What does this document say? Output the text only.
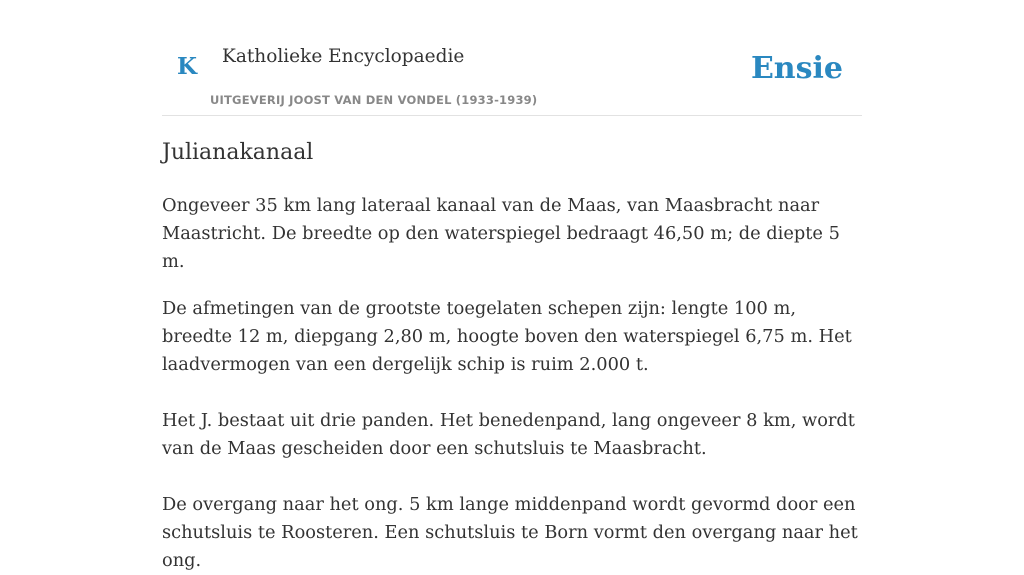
K Katholieke Encyclopaedie
UITGEVERIJ JOOST VAN DEN VONDEL (1933-1939)
Ensie
Julianakanaal

Ongeveer 35 km lang lateraal kanaal van de Maas, van Maasbracht naar Maastricht. De breedte op den waterspiegel bedraagt 46,50 m; de diepte 5 m.

De afmetingen van de grootste toegelaten schepen zijn: lengte 100 m, breedte 12 m, diepgang 2,80 m, hoogte boven den waterspiegel 6,75 m. Het laadvermogen van een dergelijk schip is ruim 2.000 t.

Het J. bestaat uit drie panden. Het benedenpand, lang ongeveer 8 km, wordt van de Maas gescheiden door een schutsluis te Maasbracht.

De overgang naar het ong. 5 km lange middenpand wordt gevormd door een schutsluis te Roosteren. Een schutsluis te Born vormt den overgang naar het ong.
